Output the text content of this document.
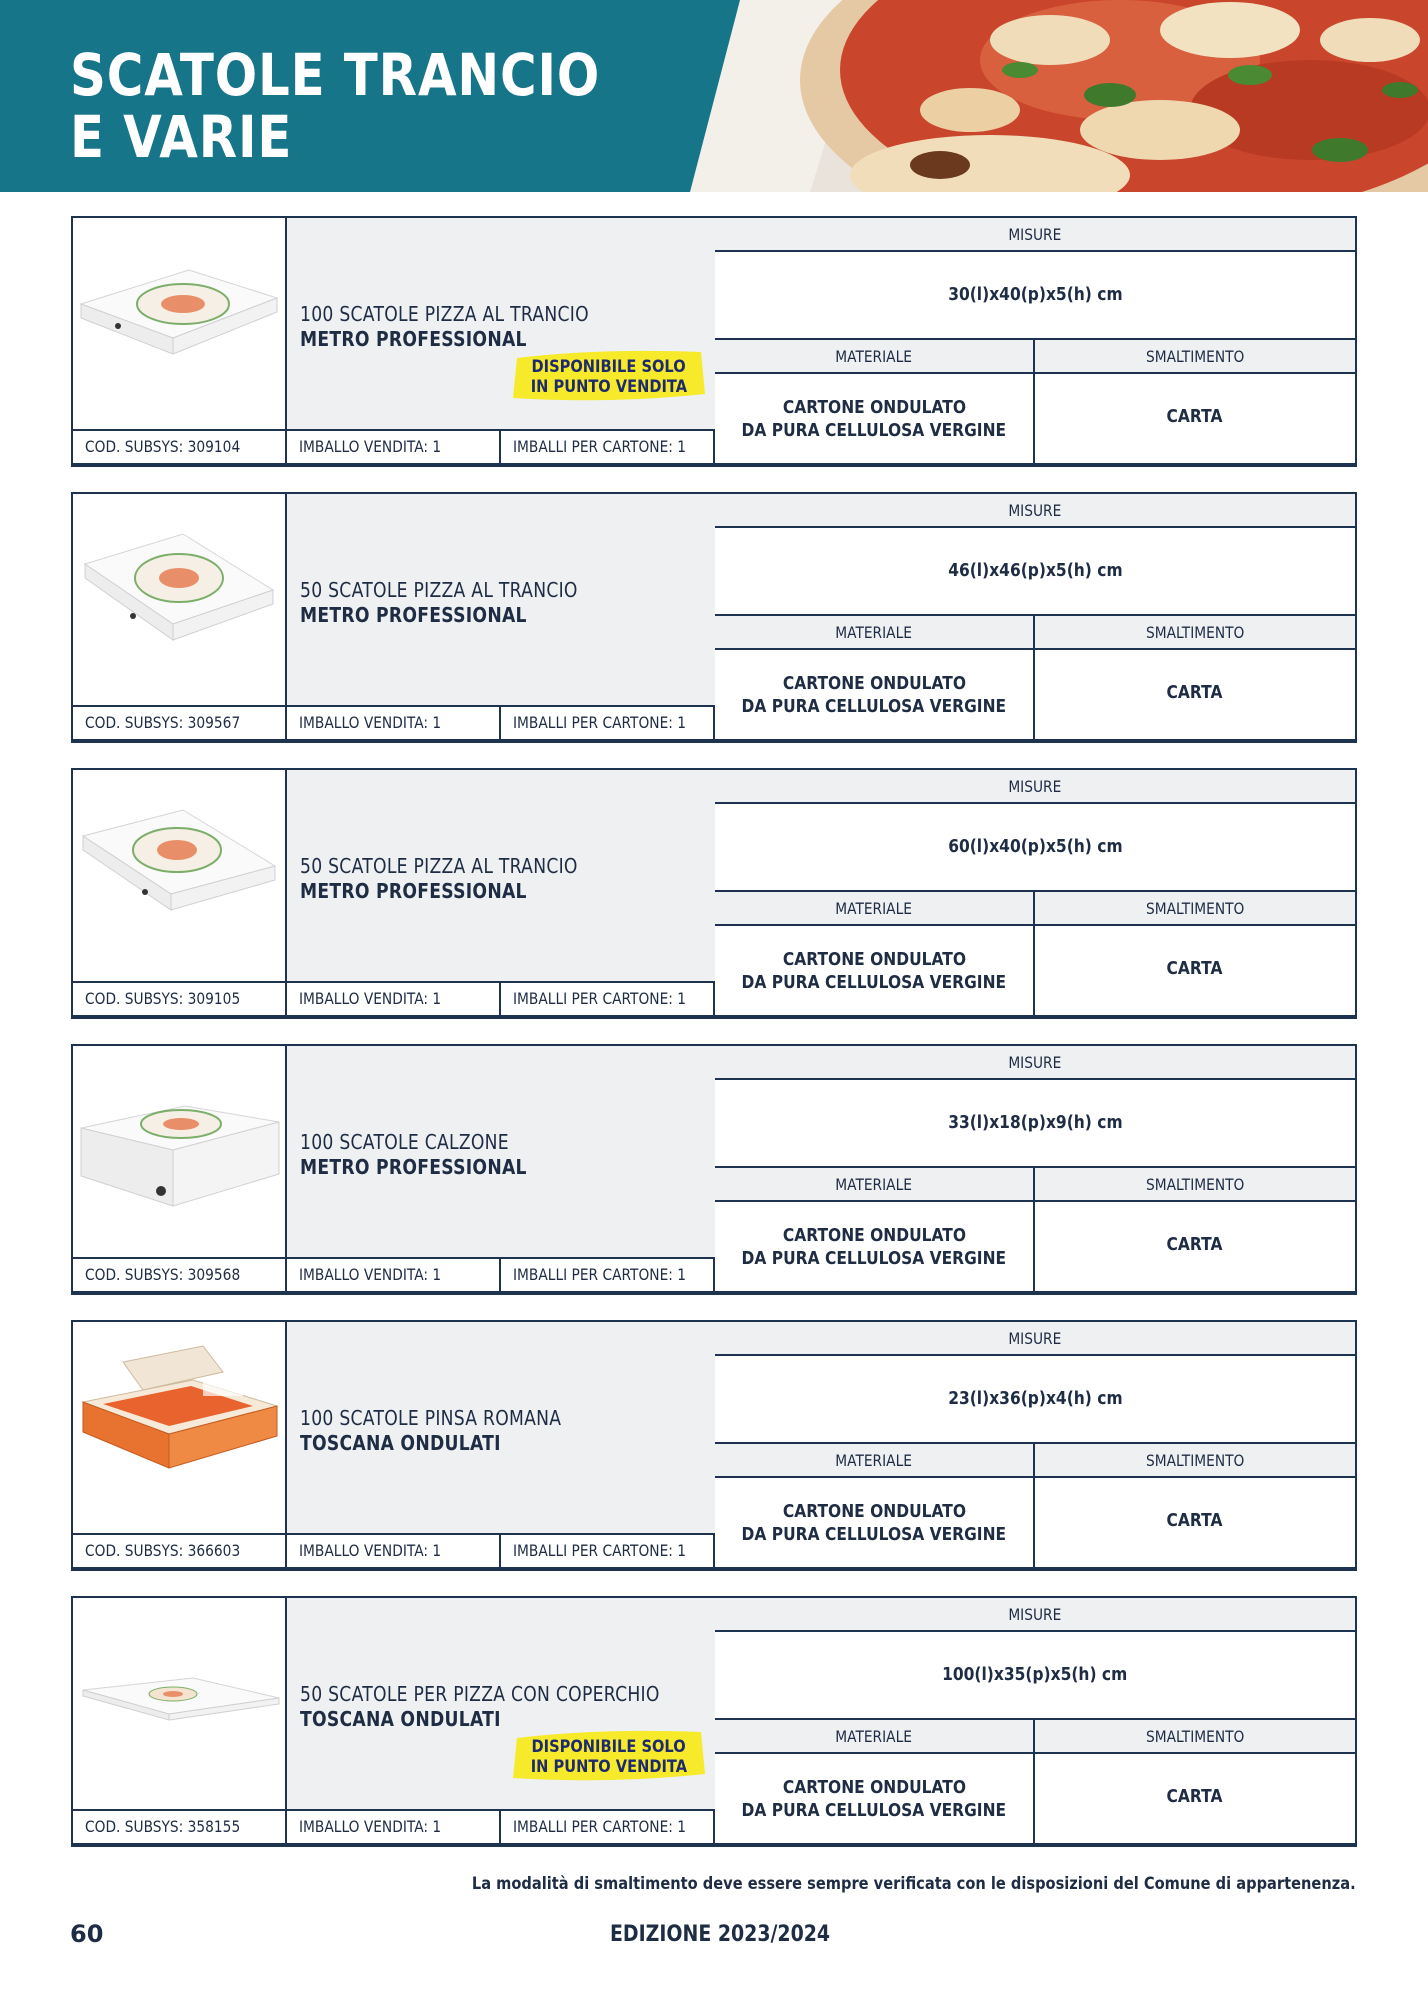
SCATOLE TRANCIO
E VARIE
100 SCATOLE PIZZA AL TRANCIO
METRO PROFESSIONAL
DISPONIBILE SOLO
IN PUNTO VENDITA
COD. SUBSYS: 309104	IMBALLO VENDITA: 1	IMBALLI PER CARTONE: 1
MISURE
30(l)x40(p)x5(h) cm
MATERIALE	SMALTIMENTO
CARTONE ONDULATO
DA PURA CELLULOSA VERGINE
CARTA
50 SCATOLE PIZZA AL TRANCIO
METRO PROFESSIONAL
COD. SUBSYS: 309567	IMBALLO VENDITA: 1	IMBALLI PER CARTONE: 1
MISURE
46(l)x46(p)x5(h) cm
MATERIALE	SMALTIMENTO
CARTONE ONDULATO
DA PURA CELLULOSA VERGINE
CARTA
50 SCATOLE PIZZA AL TRANCIO
METRO PROFESSIONAL
COD. SUBSYS: 309105	IMBALLO VENDITA: 1	IMBALLI PER CARTONE: 1
MISURE
60(l)x40(p)x5(h) cm
MATERIALE	SMALTIMENTO
CARTONE ONDULATO
DA PURA CELLULOSA VERGINE
CARTA
100 SCATOLE CALZONE
METRO PROFESSIONAL
COD. SUBSYS: 309568	IMBALLO VENDITA: 1	IMBALLI PER CARTONE: 1
MISURE
33(l)x18(p)x9(h) cm
MATERIALE	SMALTIMENTO
CARTONE ONDULATO
DA PURA CELLULOSA VERGINE
CARTA
100 SCATOLE PINSA ROMANA
TOSCANA ONDULATI
COD. SUBSYS: 366603	IMBALLO VENDITA: 1	IMBALLI PER CARTONE: 1
MISURE
23(l)x36(p)x4(h) cm
MATERIALE	SMALTIMENTO
CARTONE ONDULATO
DA PURA CELLULOSA VERGINE
CARTA
50 SCATOLE PER PIZZA CON COPERCHIO
TOSCANA ONDULATI
DISPONIBILE SOLO
IN PUNTO VENDITA
COD. SUBSYS: 358155	IMBALLO VENDITA: 1	IMBALLI PER CARTONE: 1
MISURE
100(l)x35(p)x5(h) cm
MATERIALE	SMALTIMENTO
CARTONE ONDULATO
DA PURA CELLULOSA VERGINE
CARTA
La modalità di smaltimento deve essere sempre verificata con le disposizioni del Comune di appartenenza.
60	EDIZIONE 2023/2024
